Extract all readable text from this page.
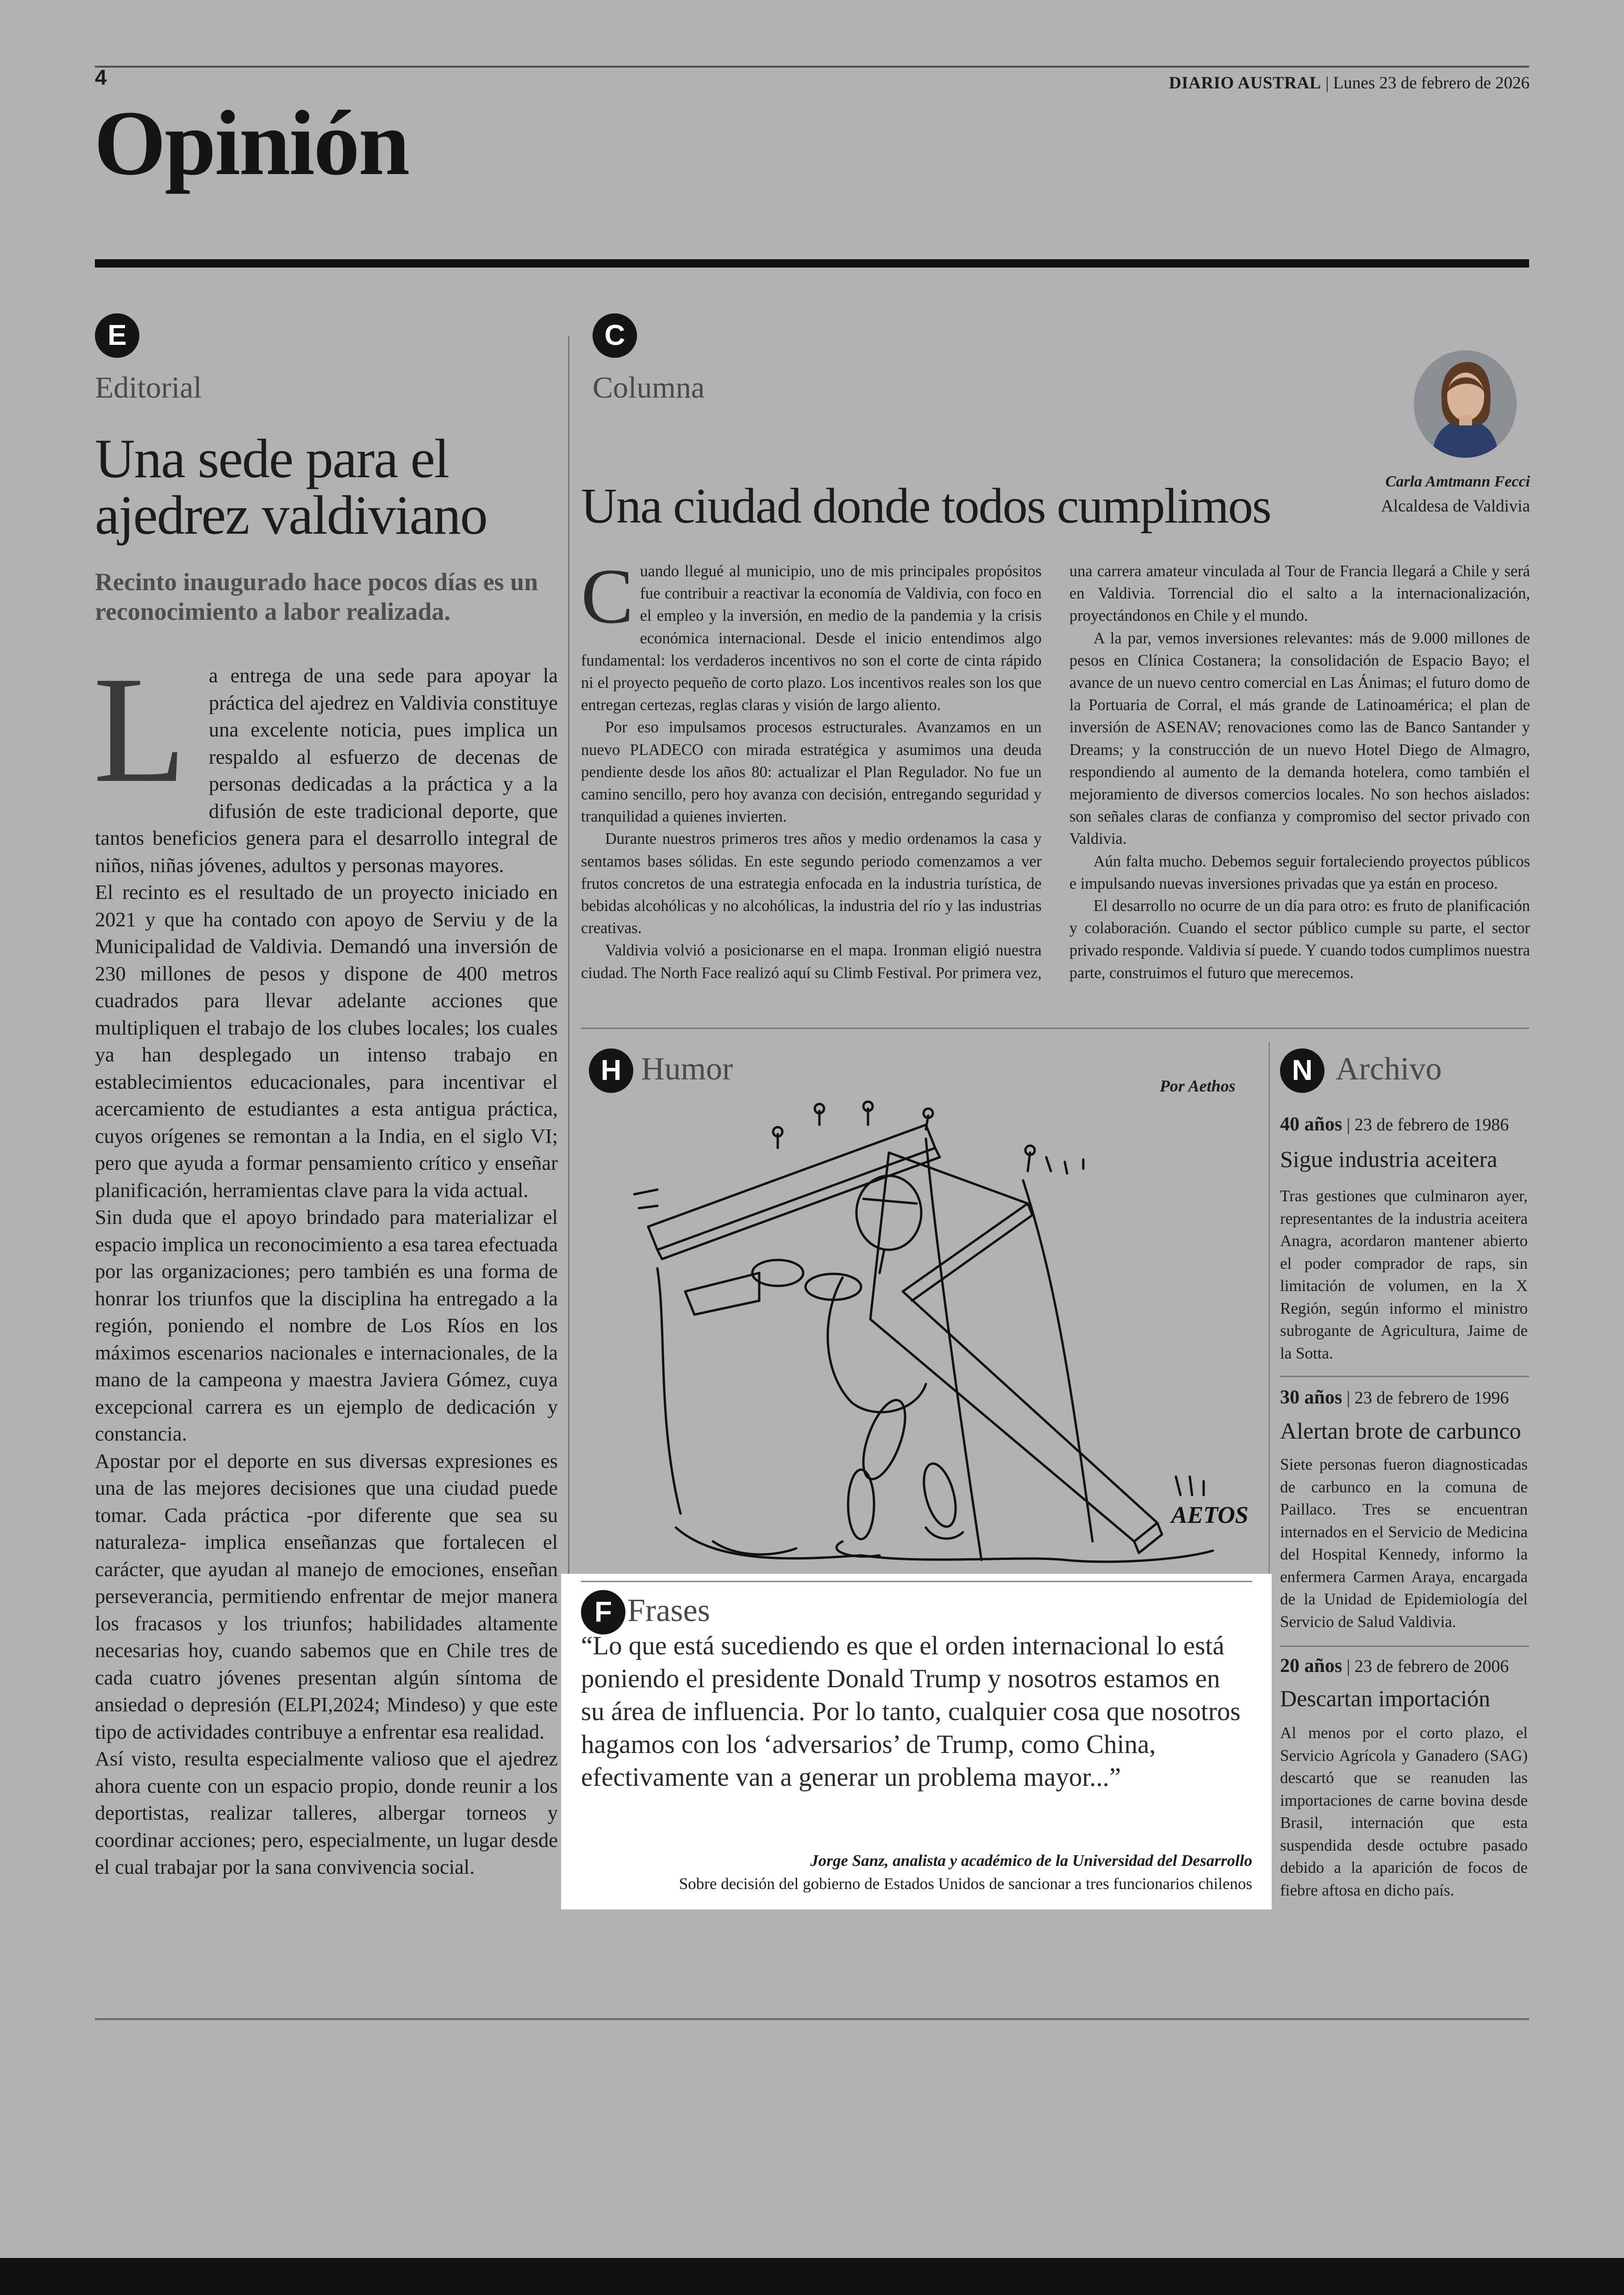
◌ ◌
4	DIARIO AUSTRAL | Lunes 23 de febrero de 2026
Opinión
E
Editorial
Una sede para el ajedrez valdiviano
Recinto inaugurado hace pocos días es un reconocimiento a labor realizada.

L	a entrega de una sede para apoyar la práctica del ajedrez en Valdivia constituye una excelente noticia, pues implica un respaldo al esfuerzo de decenas de personas dedicadas a la práctica y a la difusión de este tradicional deporte, que tantos beneficios genera para el desarrollo integral de niños, niñas jóvenes, adultos y personas mayores.

El recinto es el resultado de un proyecto iniciado en 2021 y que ha contado con apoyo de Serviu y de la Municipalidad de Valdivia. Demandó una inversión de 230 millones de pesos y dispone de 400 metros cuadrados para llevar adelante acciones que multipliquen el trabajo de los clubes locales; los cuales ya han desplegado un intenso trabajo en establecimientos educacionales, para incentivar el acercamiento de estudiantes a esta antigua práctica, cuyos orígenes se remontan a la India, en el siglo VI; pero que ayuda a formar pensamiento crítico y enseñar planificación, herramientas clave para la vida actual.

Sin duda que el apoyo brindado para materializar el espacio implica un reconocimiento a esa tarea efectuada por las organizaciones; pero también es una forma de honrar los triunfos que la disciplina ha entregado a la región, poniendo el nombre de Los Ríos en los máximos escenarios nacionales e internacionales, de la mano de la campeona y maestra Javiera Gómez, cuya excepcional carrera es un ejemplo de dedicación y constancia.

Apostar por el deporte en sus diversas expresiones es una de las mejores decisiones que una ciudad puede tomar. Cada práctica -por diferente que sea su naturaleza- implica enseñanzas que fortalecen el carácter, que ayudan al manejo de emociones, enseñan perseverancia, permitiendo enfrentar de mejor manera los fracasos y los triunfos; habilidades altamente necesarias hoy, cuando sabemos que en Chile tres de cada cuatro jóvenes presentan algún síntoma de ansiedad o depresión (ELPI,2024; Mindeso) y que este tipo de actividades contribuye a enfrentar esa realidad.

Así visto, resulta especialmente valioso que el ajedrez ahora cuente con un espacio propio, donde reunir a los deportistas, realizar talleres, albergar torneos y coordinar acciones; pero, especialmente, un lugar desde el cual trabajar por la sana convivencia social.

C
Columna
Carla Amtmann Fecci
Alcaldesa de Valdivia
Una ciudad donde todos cumplimos

Cuando llegué al municipio, uno de mis principales propósitos fue contribuir a reactivar la economía de Valdivia, con foco en el empleo y la inversión, en medio de la pandemia y la crisis económica internacional. Desde el inicio entendimos algo fundamental: los verdaderos incentivos no son el corte de cinta rápido ni el proyecto pequeño de corto plazo. Los incentivos reales son los que entregan certezas, reglas claras y visión de largo aliento.

Por eso impulsamos procesos estructurales. Avanzamos en un nuevo PLADECO con mirada estratégica y asumimos una deuda pendiente desde los años 80: actualizar el Plan Regulador. No fue un camino sencillo, pero hoy avanza con decisión, entregando seguridad y tranquilidad a quienes invierten.

Durante nuestros primeros tres años y medio ordenamos la casa y sentamos bases sólidas. En este segundo periodo comenzamos a ver frutos concretos de una estrategia enfocada en la industria turística, de bebidas alcohólicas y no alcohólicas, la industria del río y las industrias creativas.

Valdivia volvió a posicionarse en el mapa. Ironman eligió nuestra ciudad. The North Face realizó aquí su Climb Festival. Por primera vez, una carrera amateur vinculada al Tour de Francia llegará a Chile y será en Valdivia. Torrencial dio el salto a la internacionalización, proyectándonos en Chile y el mundo.

A la par, vemos inversiones relevantes: más de 9.000 millones de pesos en Clínica Costanera; la consolidación de Espacio Bayo; el avance de un nuevo centro comercial en Las Ánimas; el futuro domo de la Portuaria de Corral, el más grande de Latinoamérica; el plan de inversión de ASENAV; renovaciones como las de Banco Santander y Dreams; y la construcción de un nuevo Hotel Diego de Almagro, respondiendo al aumento de la demanda hotelera, como también el mejoramiento de diversos comercios locales. No son hechos aislados: son señales claras de confianza y compromiso del sector privado con Valdivia.

Aún falta mucho. Debemos seguir fortaleciendo proyectos públicos e impulsando nuevas inversiones privadas que ya están en proceso.

El desarrollo no ocurre de un día para otro: es fruto de planificación y colaboración. Cuando el sector público cumple su parte, el sector privado responde. Valdivia sí puede. Y cuando todos cumplimos nuestra parte, construimos el futuro que merecemos.

H Humor	Por Aethos
AETOS
F Frases
“Lo que está sucediendo es que el orden internacional lo está poniendo el presidente Donald Trump y nosotros estamos en su área de influencia. Por lo tanto, cualquier cosa que nosotros hagamos con los ‘adversarios’ de Trump, como China, efectivamente van a generar un problema mayor...”
Jorge Sanz, analista y académico de la Universidad del Desarrollo
Sobre decisión del gobierno de Estados Unidos de sancionar a tres funcionarios chilenos
N Archivo
40 años | 23 de febrero de 1986
Sigue industria aceitera
Tras gestiones que culminaron ayer, representantes de la industria aceitera Anagra, acordaron mantener abierto el poder comprador de raps, sin limitación de volumen, en la X Región, según informo el ministro subrogante de Agricultura, Jaime de la Sotta.
30 años | 23 de febrero de 1996
Alertan brote de carbunco
Siete personas fueron diagnosticadas de carbunco en la comuna de Paillaco. Tres se encuentran internados en el Servicio de Medicina del Hospital Kennedy, informo la enfermera Carmen Araya, encargada de la Unidad de Epidemiología del Servicio de Salud Valdivia.
20 años | 23 de febrero de 2006
Descartan importación
Al menos por el corto plazo, el Servicio Agrícola y Ganadero (SAG) descartó que se reanuden las importaciones de carne bovina desde Brasil, internación que esta suspendida desde octubre pasado debido a la aparición de focos de fiebre aftosa en dicho país.
